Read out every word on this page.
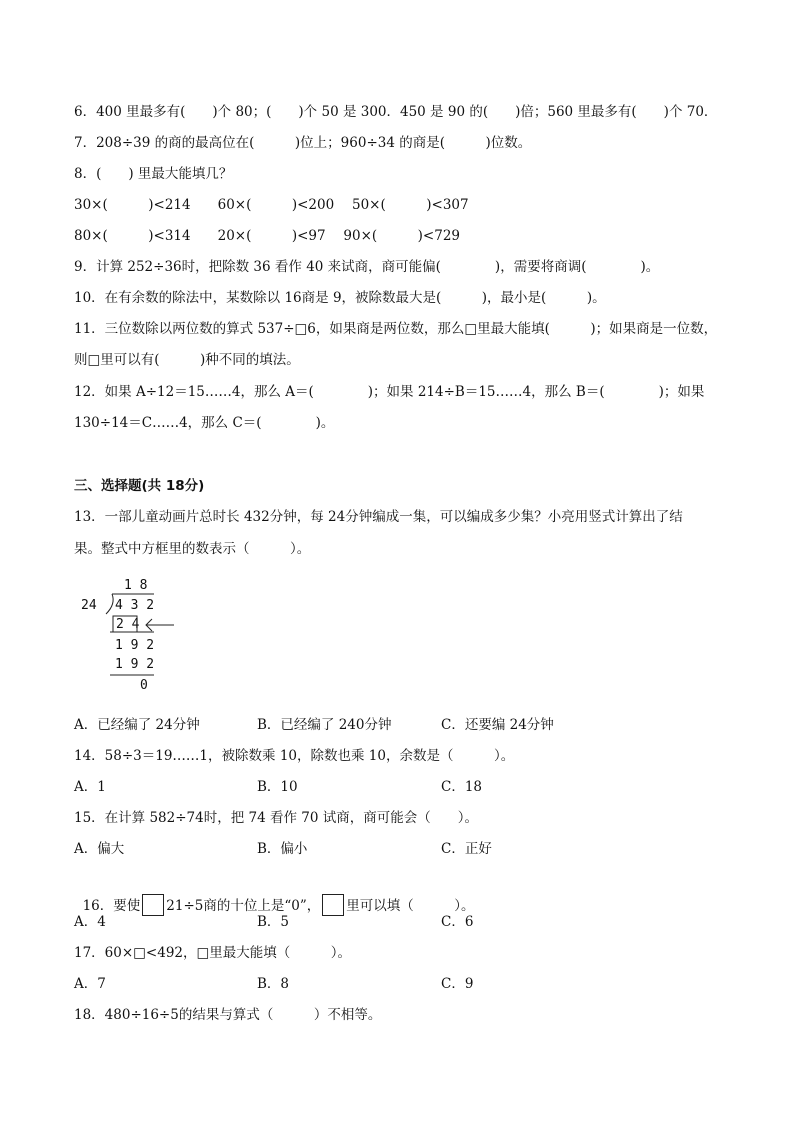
6．400 里最多有(　　)个 80；(　　)个 50 是 300．450 是 90 的(　　)倍；560 里最多有(　　)个 70．
7．208÷39 的商的最高位在(　　　)位上；960÷34 的商是(　　　)位数。
8．(　　) 里最大能填几？
30×(　　　)<214　　60×(　　　)<200　 50×(　　　)<307
80×(　　　)<314　　20×(　　　)<97　 90×(　　　)<729
9．计算 252÷36时，把除数 36 看作 40 来试商，商可能偏(　　　　)，需要将商调(　　　　)。
10．在有余数的除法中，某数除以 16商是 9，被除数最大是(　　　)，最小是(　　　)。
11．三位数除以两位数的算式 537÷□6，如果商是两位数，那么□里最大能填(　　　)；如果商是一位数，
则□里可以有(　　　)种不同的填法。
12．如果 A÷12＝15……4，那么 A＝(　　　　)；如果 214÷B＝15……4，那么 B＝(　　　　)；如果
130÷14＝C……4，那么 C＝(　　　　)。
三、选择题(共 18分)
13．一部儿童动画片总时长 432分钟，每 24分钟编成一集，可以编成多少集？小亮用竖式计算出了结
果。整式中方框里的数表示（　　　）。
1 8
24 4 3 2
2 4
1 9 2
1 9 2
0
A．已经编了 24分钟	B．已经编了 240分钟	C．还要编 24分钟
14．58÷3＝19……1，被除数乘 10，除数也乘 10，余数是（　　　）。
A．1	B．10	C．18
15．在计算 582÷74时，把 74 看作 70 试商，商可能会（　　）。
A．偏大	B．偏小	C．正好

16．要使 21÷5商的十位上是“0”， 里可以填（　　　）。

A．4	B．5	C．6
17．60×□<492，□里最大能填（　　　）。
A．7	B．8	C．9
18．480÷16÷5的结果与算式（　　　）不相等。
